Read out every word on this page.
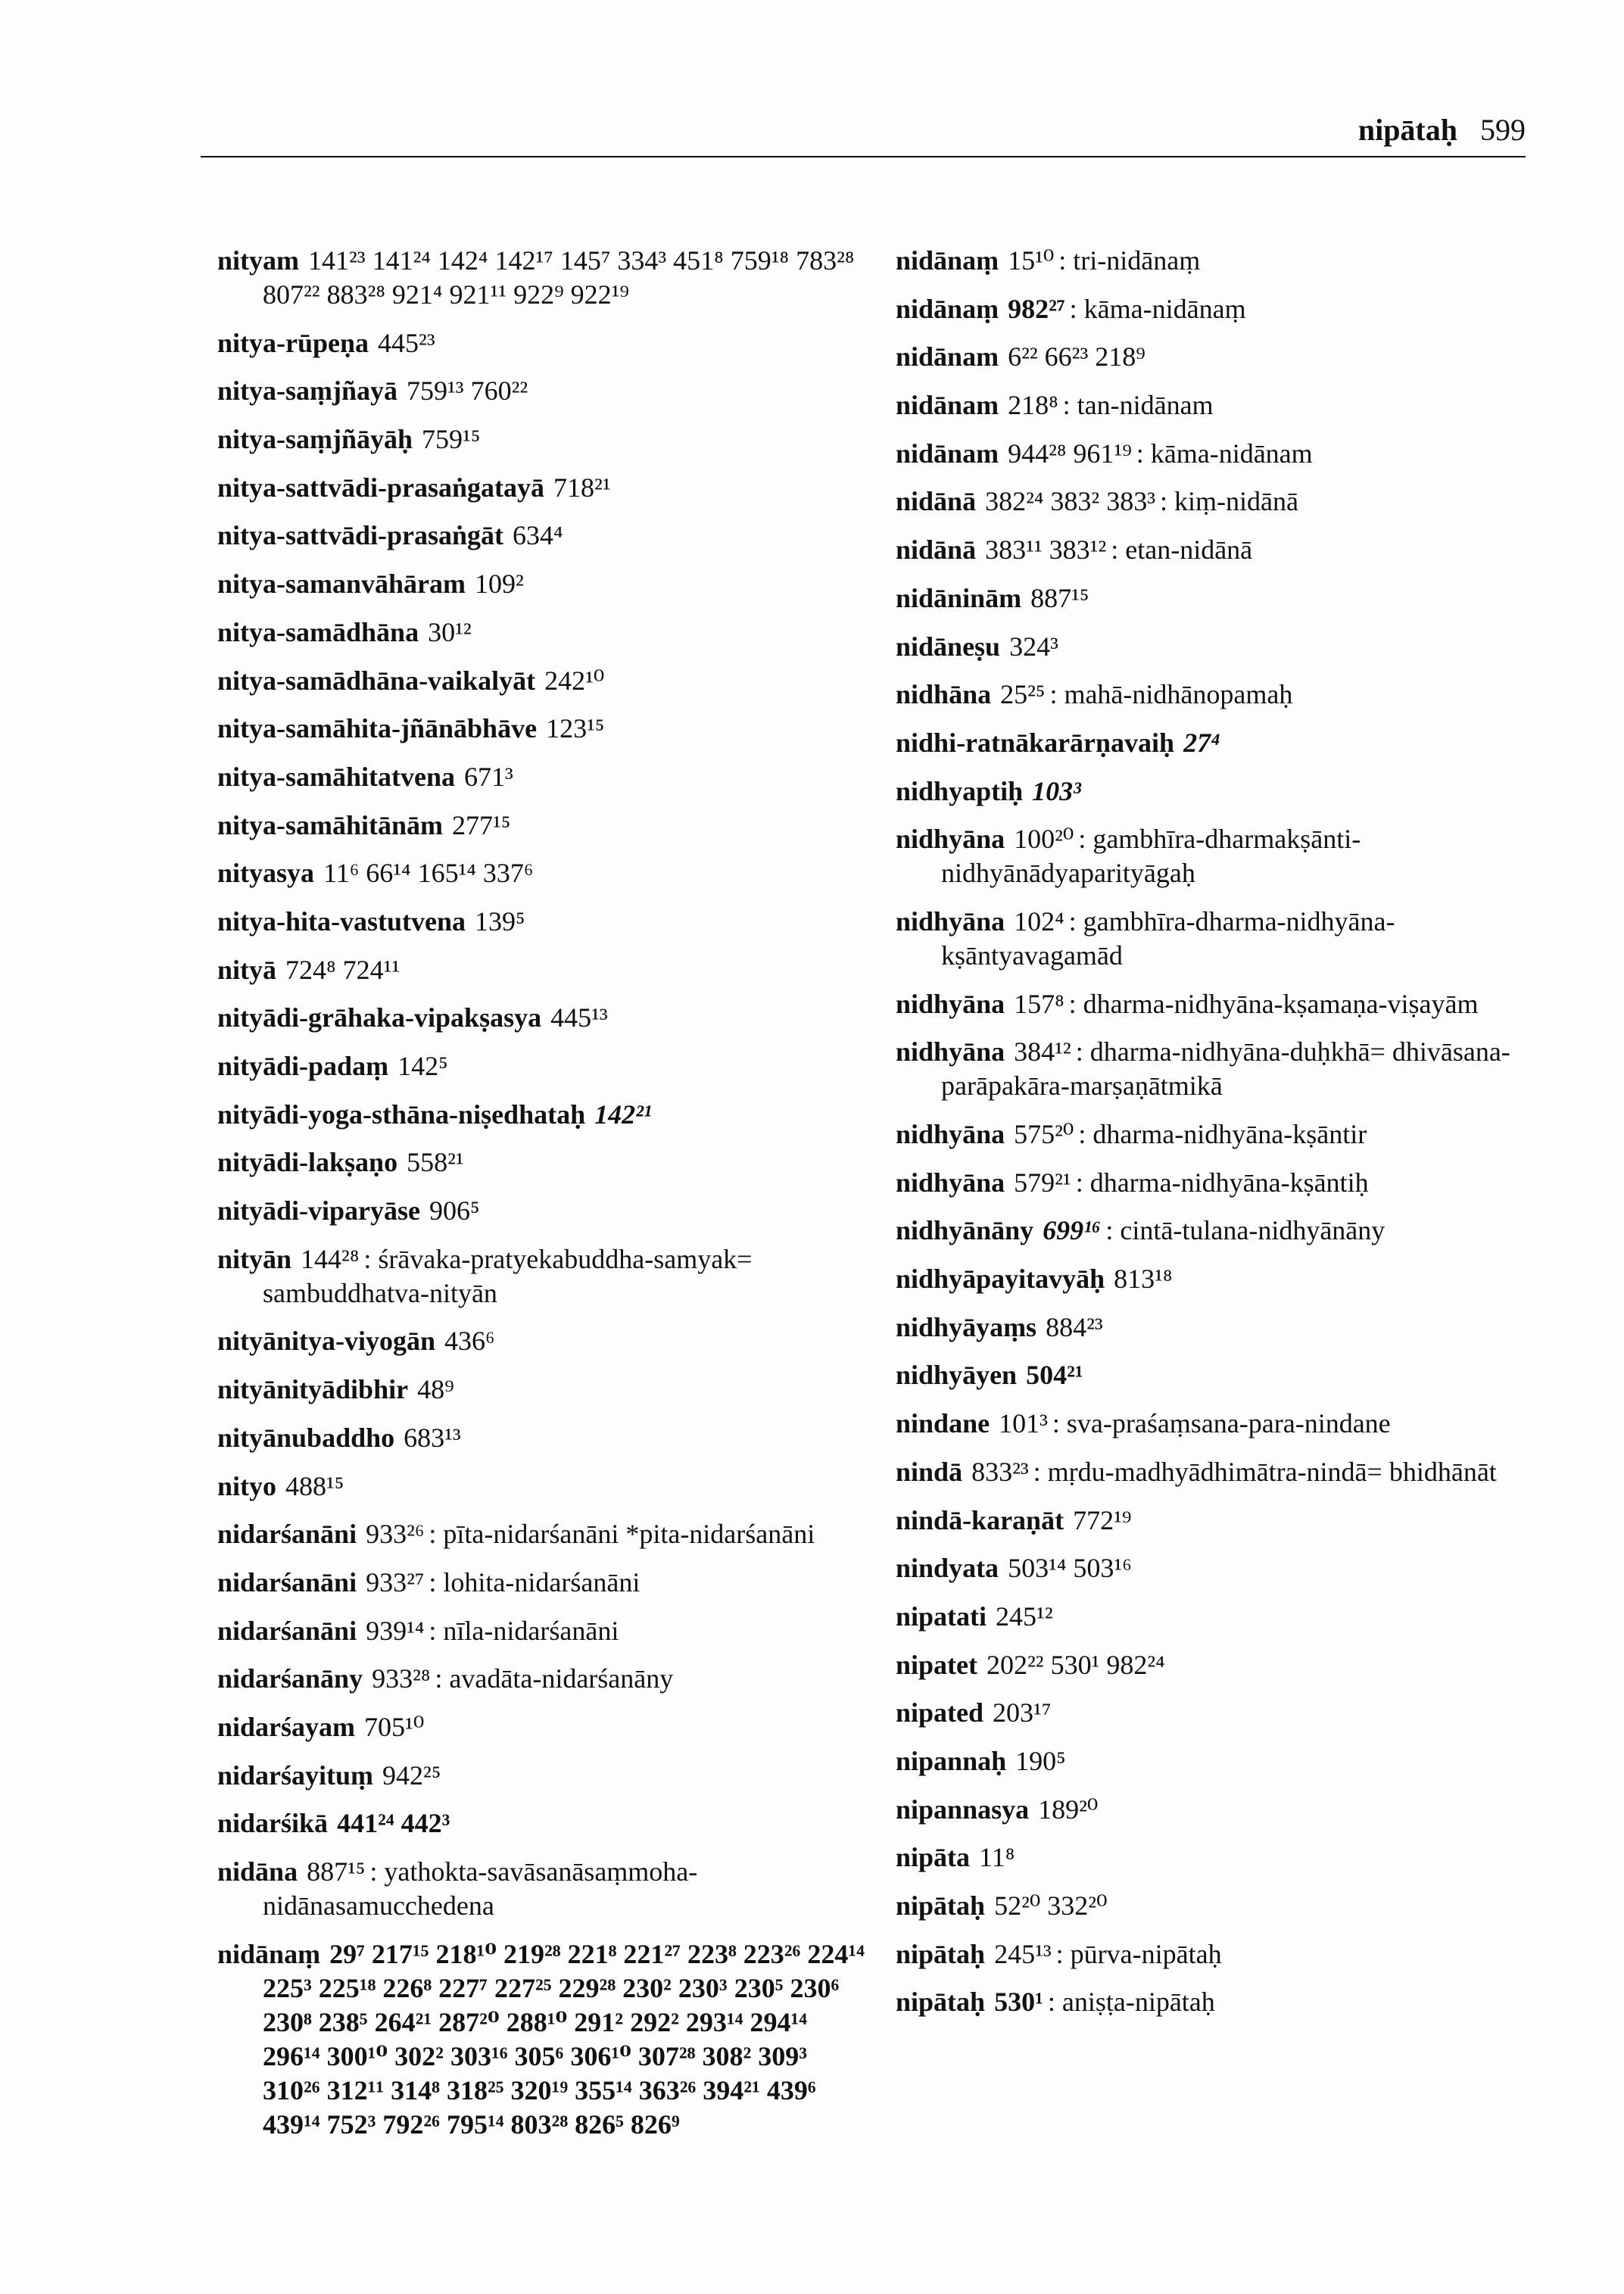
nipātaḥ 599
nityam 141²³ 141²⁴ 142⁴ 142¹⁷ 145⁷ 334³ 451⁸ 759¹⁸ 783²⁸ 807²² 883²⁸ 921⁴ 921¹¹ 922⁹ 922¹⁹
nitya-rūpeṇa 445²³
nitya-saṃjñayā 759¹³ 760²²
nitya-saṃjñāyāḥ 759¹⁵
nitya-sattvādi-prasaṅgatayā 718²¹
nitya-sattvādi-prasaṅgāt 634⁴
nitya-samanvāhāram 109²
nitya-samādhāna 30¹²
nitya-samādhāna-vaikalyāt 242¹⁰
nitya-samāhita-jñānābhāve 123¹⁵
nitya-samāhitatvena 671³
nitya-samāhitānām 277¹⁵
nityasya 11⁶ 66¹⁴ 165¹⁴ 337⁶
nitya-hita-vastutvena 139⁵
nityā 724⁸ 724¹¹
nityādi-grāhaka-vipakṣasya 445¹³
nityādi-padaṃ 142⁵
nityādi-yoga-sthāna-niṣedhataḥ 142²¹
nityādi-lakṣaṇo 558²¹
nityādi-viparyāse 906⁵
nityān 144²⁸ : śrāvaka-pratyekabuddha-samyak= sambuddhatva-nityān
nityānitya-viyogān 436⁶
nityānityādibhir 48⁹
nityānubaddho 683¹³
nityo 488¹⁵
nidarśanāni 933²⁶ : pīta-nidarśanāni *pita-nidarśanāni
nidarśanāni 933²⁷ : lohita-nidarśanāni
nidarśanāni 939¹⁴ : nīla-nidarśanāni
nidarśanāny 933²⁸ : avadāta-nidarśanāny
nidarśayam 705¹⁰
nidarśayituṃ 942²⁵
nidarśikā 441²⁴ 442³
nidāna 887¹⁵ : yathokta-savāsanāsaṃmoha-nidānasamucchedena
nidānaṃ 29⁷ 217¹⁵ 218¹⁰ 219²⁸ 221⁸ 221²⁷ 223⁸ 223²⁶ 224¹⁴ 225³ 225¹⁸ 226⁸ 227⁷ 227²⁵ 229²⁸ 230² 230³ 230⁵ 230⁶ 230⁸ 238⁵ 264²¹ 287²⁰ 288¹⁰ 291² 292² 293¹⁴ 294¹⁴ 296¹⁴ 300¹⁰ 302² 303¹⁶ 305⁶ 306¹⁰ 307²⁸ 308² 309³ 310²⁶ 312¹¹ 314⁸ 318²⁵ 320¹⁹ 355¹⁴ 363²⁶ 394²¹ 439⁶ 439¹⁴ 752³ 792²⁶ 795¹⁴ 803²⁸ 826⁵ 826⁹
nidānaṃ 15¹⁰ : tri-nidānaṃ
nidānaṃ 982²⁷ : kāma-nidānaṃ
nidānam 6²² 66²³ 218⁹
nidānam 218⁸ : tan-nidānam
nidānam 944²⁸ 961¹⁹ : kāma-nidānam
nidānā 382²⁴ 383² 383³ : kiṃ-nidānā
nidānā 383¹¹ 383¹² : etan-nidānā
nidāninām 887¹⁵
nidāneṣu 324³
nidhāna 25²⁵ : mahā-nidhānopamaḥ
nidhi-ratnākarārṇavaiḥ 27⁴
nidhyaptiḥ 103³
nidhyāna 100²⁰ : gambhīra-dharmakṣānti-nidhyānādyaparityāgaḥ
nidhyāna 102⁴ : gambhīra-dharma-nidhyāna-kṣāntyavagamād
nidhyāna 157⁸ : dharma-nidhyāna-kṣamaṇa-viṣayām
nidhyāna 384¹² : dharma-nidhyāna-duḥkhā= dhivāsana-parāpakāra-marṣaṇātmikā
nidhyāna 575²⁰ : dharma-nidhyāna-kṣāntir
nidhyāna 579²¹ : dharma-nidhyāna-kṣāntiḥ
nidhyānāny 699¹⁶ : cintā-tulana-nidhyānāny
nidhyāpayitavyāḥ 813¹⁸
nidhyāyaṃs 884²³
nidhyāyen 504²¹
nindane 101³ : sva-praśaṃsana-para-nindane
nindā 833²³ : mṛdu-madhyādhimātra-nindā= bhidhānāt
nindā-karaṇāt 772¹⁹
nindyata 503¹⁴ 503¹⁶
nipatati 245¹²
nipatet 202²² 530¹ 982²⁴
nipated 203¹⁷
nipannaḥ 190⁵
nipannasya 189²⁰
nipāta 11⁸
nipātaḥ 52²⁰ 332²⁰
nipātaḥ 245¹³ : pūrva-nipātaḥ
nipātaḥ 530¹ : aniṣṭa-nipātaḥ
